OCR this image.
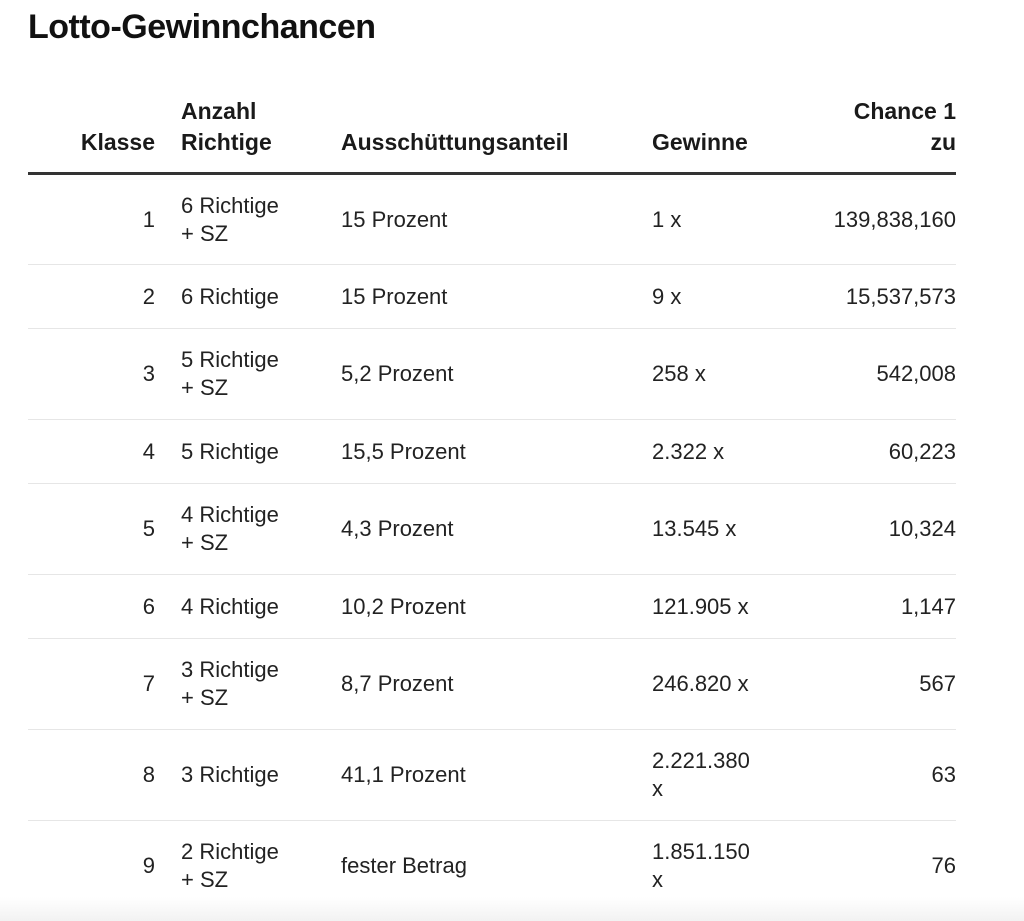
Lotto-Gewinnchancen
Klasse	Anzahl Richtige	Ausschüttungsanteil	Gewinne	Chance 1 zu
1	6 Richtige + SZ	15 Prozent	1 x	139,838,160
2	6 Richtige	15 Prozent	9 x	15,537,573
3	5 Richtige + SZ	5,2 Prozent	258 x	542,008
4	5 Richtige	15,5 Prozent	2.322 x	60,223
5	4 Richtige + SZ	4,3 Prozent	13.545 x	10,324
6	4 Richtige	10,2 Prozent	121.905 x	1,147
7	3 Richtige + SZ	8,7 Prozent	246.820 x	567
8	3 Richtige	41,1 Prozent	2.221.380 x	63
9	2 Richtige + SZ	fester Betrag	1.851.150 x	76
